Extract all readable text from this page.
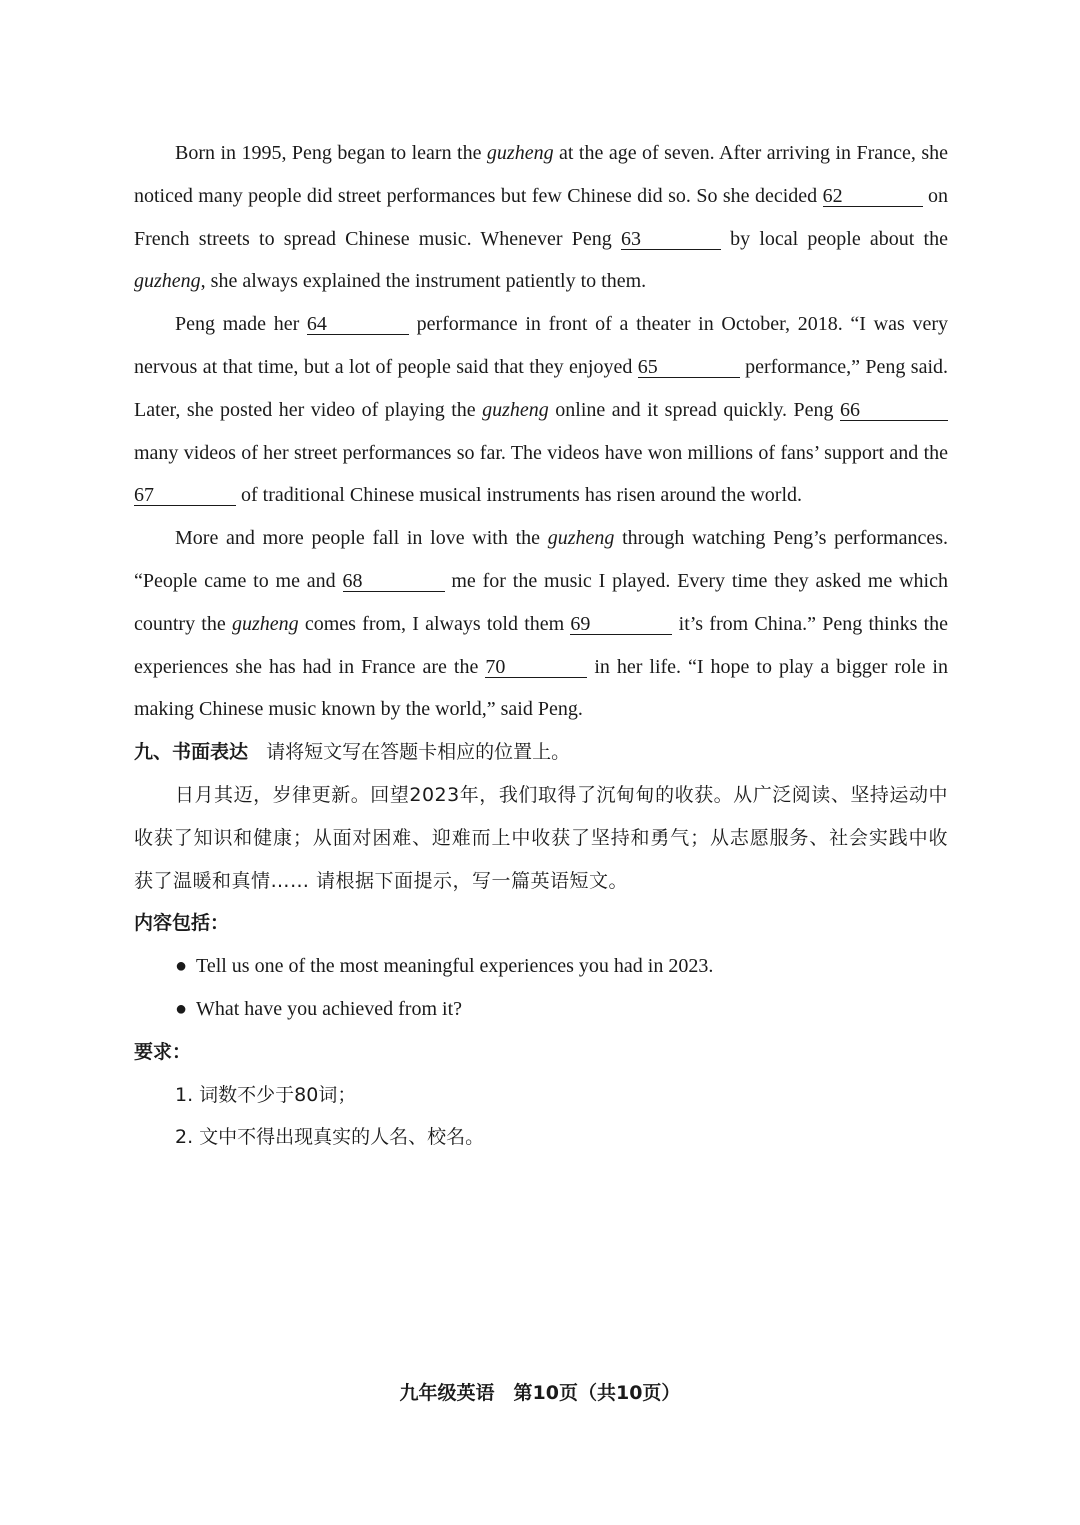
Born in 1995, Peng began to learn the guzheng at the age of seven. After arriving in France, she noticed many people did street performances but few Chinese did so. So she decided 62	on French streets to spread Chinese music. Whenever Peng 63	by local people about the guzheng, she always explained the instrument patiently to them.

Peng made her 64	performance in front of a theater in October, 2018. “I was very nervous at that time, but a lot of people said that they enjoyed 65	performance,” Peng said. Later, she posted her video of playing the guzheng online and it spread quickly. Peng 66 many videos of her street performances so far. The videos have won millions of fans’ support and the 67	of traditional Chinese musical instruments has risen around the world.

More and more people fall in love with the guzheng through watching Peng’s performances. “People came to me and 68	me for the music I played. Every time they asked me which country the guzheng comes from, I always told them 69	it’s from China.” Peng thinks the experiences she has had in France are the 70	in her life. “I hope to play a bigger role in making Chinese music known by the world,” said Peng.

九、书面表达 请将短文写在答题卡相应的位置上。

日月其迈，岁律更新。回望2023年，我们取得了沉甸甸的收获。从广泛阅读、坚持运动中收获了知识和健康；从面对困难、迎难而上中收获了坚持和勇气；从志愿服务、社会实践中收获了温暖和真情…… 请根据下面提示，写一篇英语短文。

内容包括：

● Tell us one of the most meaningful experiences you had in 2023.

● What have you achieved from it?

要求：

1. 词数不少于80词；

2. 文中不得出现真实的人名、校名。

九年级英语　第10页（共10页）
